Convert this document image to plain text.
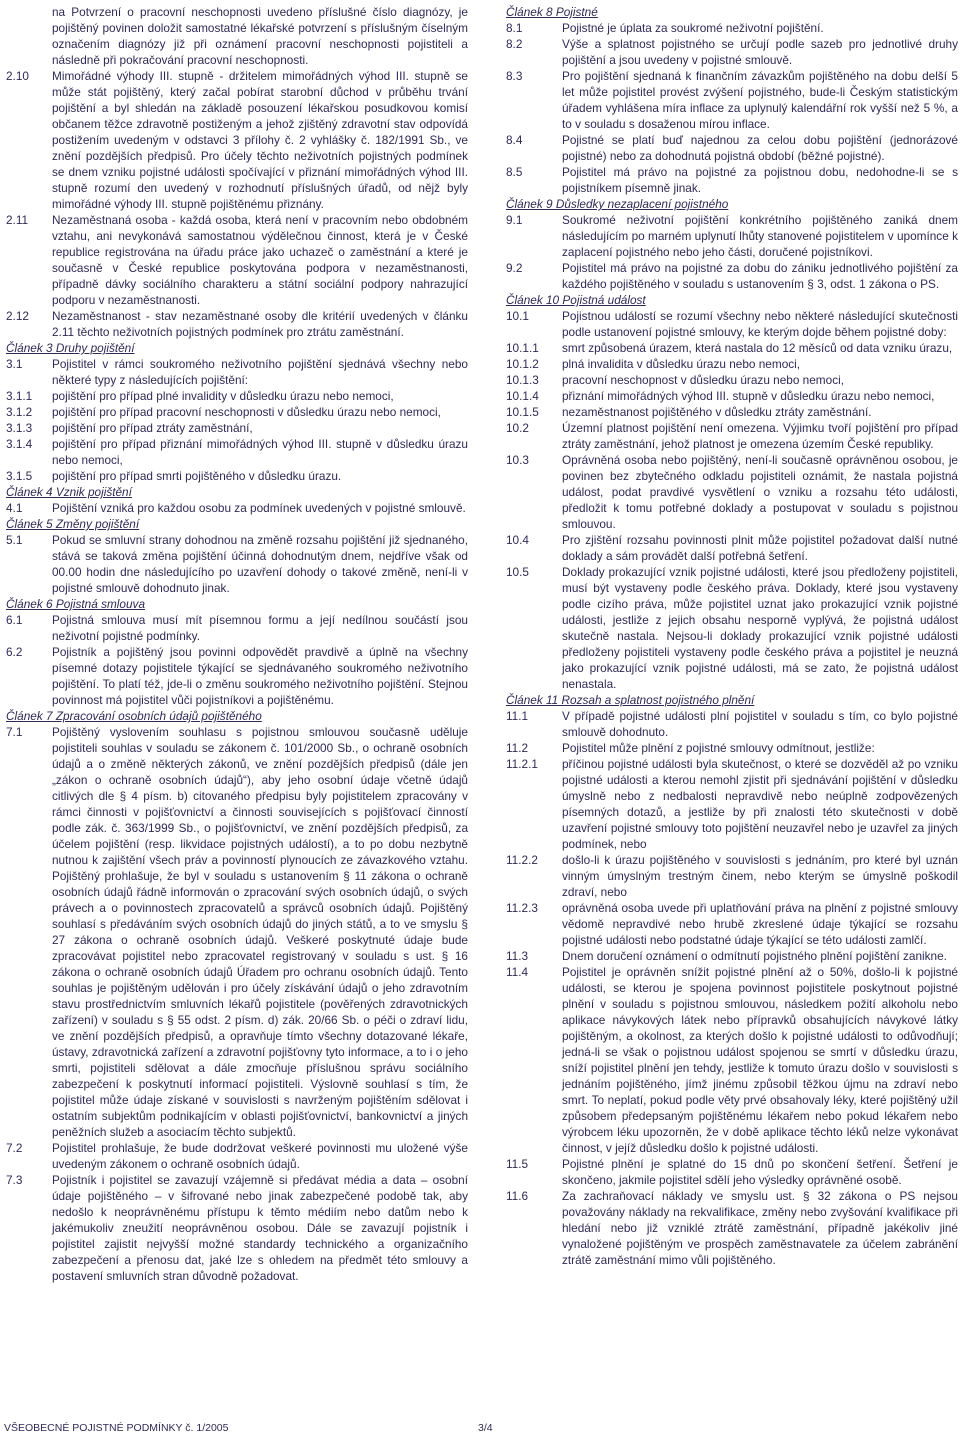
na Potvrzení o pracovní neschopnosti uvedeno příslušné číslo diagnózy, je pojištěný povinen doložit samostatné lékařské potvrzení s příslušným číselným označením diagnózy již při oznámení pracovní neschopnosti pojistiteli a následně při pokračování pracovní neschopnosti.

2.10	Mimořádné výhody III. stupně - držitelem mimořádných výhod III. stupně se může stát pojištěný, který začal pobírat starobní důchod v průběhu trvání pojištění a byl shledán na základě posouzení lékařskou posudkovou komisí občanem těžce zdravotně postiženým a jehož zjištěný zdravotní stav odpovídá postižením uvedeným v odstavci 3 přílohy č. 2 vyhlášky č. 182/1991 Sb., ve znění pozdějších předpisů. Pro účely těchto neživotních pojistných podmínek se dnem vzniku pojistné události spočívající v přiznání mimořádných výhod III. stupně rozumí den uvedený v rozhodnutí příslušných úřadů, od nějž byly mimořádné výhody III. stupně pojištěnému přiznány.
2.11	Nezaměstnaná osoba - každá osoba, která není v pracovním nebo obdobném vztahu, ani nevykonává samostatnou výdělečnou činnost, která je v České republice registrována na úřadu práce jako uchazeč o zaměstnání a které je současně v České republice poskytována podpora v nezaměstnanosti, případně dávky sociálního charakteru a státní sociální podpory nahrazující podporu v nezaměstnanosti.
2.12	Nezaměstnanost - stav nezaměstnané osoby dle kritérií uvedených v článku 2.11 těchto neživotních pojistných podmínek pro ztrátu zaměstnání.

Článek 3 Druhy pojištění

3.1	Pojistitel v rámci soukromého neživotního pojištění sjednává všechny nebo některé typy z následujících pojištění:
3.1.1	pojištění pro případ plné invalidity v důsledku úrazu nebo nemoci,
3.1.2	pojištění pro případ pracovní neschopnosti v důsledku úrazu nebo nemoci,
3.1.3	pojištění pro případ ztráty zaměstnání,
3.1.4	pojištění pro případ přiznání mimořádných výhod III. stupně v důsledku úrazu nebo nemoci,
3.1.5	pojištění pro případ smrti pojištěného v důsledku úrazu.

Článek 4 Vznik pojištění

4.1	Pojištění vzniká pro každou osobu za podmínek uvedených v pojistné smlouvě.

Článek 5 Změny pojištění

5.1	Pokud se smluvní strany dohodnou na změně rozsahu pojištění již sjednaného, stává se taková změna pojištění účinná dohodnutým dnem, nejdříve však od 00.00 hodin dne následujícího po uzavření dohody o takové změně, není-li v pojistné smlouvě dohodnuto jinak.

Článek 6 Pojistná smlouva

6.1	Pojistná smlouva musí mít písemnou formu a její nedílnou součástí jsou neživotní pojistné podmínky.
6.2	Pojistník a pojištěný jsou povinni odpovědět pravdivě a úplně na všechny písemné dotazy pojistitele týkající se sjednávaného soukromého neživotního pojištění. To platí též, jde-li o změnu soukromého neživotního pojištění. Stejnou povinnost má pojistitel vůči pojistníkovi a pojištěnému.

Článek 7 Zpracování osobních údajů pojištěného

7.1	Pojištěný vyslovením souhlasu s pojistnou smlouvou současně uděluje pojistiteli souhlas v souladu se zákonem č. 101/2000 Sb., o ochraně osobních údajů a o změně některých zákonů, ve znění pozdějších předpisů (dále jen „zákon o ochraně osobních údajů“), aby jeho osobní údaje včetně údajů citlivých dle § 4 písm. b) citovaného předpisu byly pojistitelem zpracovány v rámci činnosti v pojišťovnictví a činnosti souvisejících s pojišťovací činností podle zák. č. 363/1999 Sb., o pojišťovnictví, ve znění pozdějších předpisů, za účelem pojištění (resp. likvidace pojistných událostí), a to po dobu nezbytně nutnou k zajištění všech práv a povinností plynoucích ze závazkového vztahu. Pojištěný prohlašuje, že byl v souladu s ustanovením § 11 zákona o ochraně osobních údajů řádně informován o zpracování svých osobních údajů, o svých právech a o povinnostech zpracovatelů a správců osobních údajů. Pojištěný souhlasí s předáváním svých osobních údajů do jiných států, a to ve smyslu § 27 zákona o ochraně osobních údajů. Veškeré poskytnuté údaje bude zpracovávat pojistitel nebo zpracovatel registrovaný v souladu s ust. § 16 zákona o ochraně osobních údajů Úřadem pro ochranu osobních údajů. Tento souhlas je pojištěným udělován i pro účely získávání údajů o jeho zdravotním stavu prostřednictvím smluvních lékařů pojistitele (pověřených zdravotnických zařízení) v souladu s § 55 odst. 2 písm. d) zák. 20/66 Sb. o péči o zdraví lidu, ve znění pozdějších předpisů, a opravňuje tímto všechny dotazované lékaře, ústavy, zdravotnická zařízení a zdravotní pojišťovny tyto informace, a to i o jeho smrti, pojistiteli sdělovat a dále zmocňuje příslušnou správu sociálního zabezpečení k poskytnutí informací pojistiteli. Výslovně souhlasí s tím, že pojistitel může údaje získané v souvislosti s navrženým pojištěním sdělovat i ostatním subjektům podnikajícím v oblasti pojišťovnictví, bankovnictví a jiných peněžních služeb a asociacím těchto subjektů.
7.2	Pojistitel prohlašuje, že bude dodržovat veškeré povinnosti mu uložené výše uvedeným zákonem o ochraně osobních údajů.
7.3	Pojistník i pojistitel se zavazují vzájemně si předávat média a data – osobní údaje pojištěného – v šifrované nebo jinak zabezpečené podobě tak, aby nedošlo k neoprávněnému přístupu k těmto médiím nebo datům nebo k jakémukoliv zneužití neoprávněnou osobou. Dále se zavazují pojistník i pojistitel zajistit nejvyšší možné standardy technického a organizačního zabezpečení a přenosu dat, jaké lze s ohledem na předmět této smlouvy a postavení smluvních stran důvodně požadovat.

Článek 8 Pojistné

8.1	Pojistné je úplata za soukromé neživotní pojištění.
8.2	Výše a splatnost pojistného se určují podle sazeb pro jednotlivé druhy pojištění a jsou uvedeny v pojistné smlouvě.
8.3	Pro pojištění sjednaná k finančním závazkům pojištěného na dobu delší 5 let může pojistitel provést zvýšení pojistného, bude-li Českým statistickým úřadem vyhlášena míra inflace za uplynulý kalendářní rok vyšší než 5 %, a to v souladu s dosaženou mírou inflace.
8.4	Pojistné se platí buď najednou za celou dobu pojištění (jednorázové pojistné) nebo za dohodnutá pojistná období (běžné pojistné).
8.5	Pojistitel má právo na pojistné za pojistnou dobu, nedohodne-li se s pojistníkem písemně jinak.

Článek 9 Důsledky nezaplacení pojistného

9.1	Soukromé neživotní pojištění konkrétního pojištěného zaniká dnem následujícím po marném uplynutí lhůty stanovené pojistitelem v upomínce k zaplacení pojistného nebo jeho části, doručené pojistníkovi.
9.2	Pojistitel má právo na pojistné za dobu do zániku jednotlivého pojištění za každého pojištěného v souladu s ustanovením § 3, odst. 1 zákona o PS.

Článek 10 Pojistná událost

10.1	Pojistnou událostí se rozumí všechny nebo některé následující skutečnosti podle ustanovení pojistné smlouvy, ke kterým dojde během pojistné doby:
10.1.1	smrt způsobená úrazem, která nastala do 12 měsíců od data vzniku úrazu,
10.1.2	plná invalidita v důsledku úrazu nebo nemoci,
10.1.3	pracovní neschopnost v důsledku úrazu nebo nemoci,
10.1.4	přiznání mimořádných výhod III. stupně v důsledku úrazu nebo nemoci,
10.1.5	nezaměstnanost pojištěného v důsledku ztráty zaměstnání.
10.2	Územní platnost pojištění není omezena. Výjimku tvoří pojištění pro případ ztráty zaměstnání, jehož platnost je omezena územím České republiky.
10.3	Oprávněná osoba nebo pojištěný, není-li současně oprávněnou osobou, je povinen bez zbytečného odkladu pojistiteli oznámit, že nastala pojistná událost, podat pravdivé vysvětlení o vzniku a rozsahu této události, předložit k tomu potřebné doklady a postupovat v souladu s pojistnou smlouvou.
10.4	Pro zjištění rozsahu povinnosti plnit může pojistitel požadovat další nutné doklady a sám provádět další potřebná šetření.
10.5	Doklady prokazující vznik pojistné události, které jsou předloženy pojistiteli, musí být vystaveny podle českého práva. Doklady, které jsou vystaveny podle cizího práva, může pojistitel uznat jako prokazující vznik pojistné události, jestliže z jejich obsahu nesporně vyplývá, že pojistná událost skutečně nastala. Nejsou-li doklady prokazující vznik pojistné události předloženy pojistiteli vystaveny podle českého práva a pojistitel je neuzná jako prokazující vznik pojistné události, má se zato, že pojistná událost nenastala.

Článek 11 Rozsah a splatnost pojistného plnění

11.1	V případě pojistné události plní pojistitel v souladu s tím, co bylo pojistné smlouvě dohodnuto.
11.2	Pojistitel může plnění z pojistné smlouvy odmítnout, jestliže:
11.2.1	příčinou pojistné události byla skutečnost, o které se dozvěděl až po vzniku pojistné události a kterou nemohl zjistit při sjednávání pojištění v důsledku úmyslně nebo z nedbalosti nepravdivě nebo neúplně zodpovězených písemných dotazů, a jestliže by při znalosti této skutečnosti v době uzavření pojistné smlouvy toto pojištění neuzavřel nebo je uzavřel za jiných podmínek, nebo
11.2.2	došlo-li k úrazu pojištěného v souvislosti s jednáním, pro které byl uznán vinným úmyslným trestným činem, nebo kterým se úmyslně poškodil zdraví, nebo
11.2.3	oprávněná osoba uvede při uplatňování práva na plnění z pojistné smlouvy vědomě nepravdivé nebo hrubě zkreslené údaje týkající se rozsahu pojistné události nebo podstatné údaje týkající se této události zamlčí.
11.3	Dnem doručení oznámení o odmítnutí pojistného plnění pojištění zanikne.
11.4	Pojistitel je oprávněn snížit pojistné plnění až o 50%, došlo-li k pojistné události, se kterou je spojena povinnost pojistitele poskytnout pojistné plnění v souladu s pojistnou smlouvou, následkem požití alkoholu nebo aplikace návykových látek nebo přípravků obsahujících návykové látky pojištěným, a okolnost, za kterých došlo k pojistné události to odůvodňují; jedná-li se však o pojistnou událost spojenou se smrtí v důsledku úrazu, sníží pojistitel plnění jen tehdy, jestliže k tomuto úrazu došlo v souvislosti s jednáním pojištěného, jímž jinému způsobil těžkou újmu na zdraví nebo smrt. To neplatí, pokud podle věty prvé obsahovaly léky, které pojištěný užil způsobem předepsaným pojištěnému lékařem nebo pokud lékařem nebo výrobcem léku upozorněn, že v době aplikace těchto léků nelze vykonávat činnost, v jejíž důsledku došlo k pojistné události.
11.5	Pojistné plnění je splatné do 15 dnů po skončení šetření. Šetření je skončeno, jakmile pojistitel sdělí jeho výsledky oprávněné osobě.
11.6	Za zachraňovací náklady ve smyslu ust. § 32 zákona o PS nejsou považovány náklady na rekvalifikace, změny nebo zvyšování kvalifikace při hledání nebo již vzniklé ztrátě zaměstnání, případně jakékoliv jiné vynaložené pojištěným ve prospěch zaměstnavatele za účelem zabránění ztrátě zaměstnání mimo vůli pojištěného.
VŠEOBECNÉ POJISTNÉ PODMÍNKY č. 1/2005	3/4
